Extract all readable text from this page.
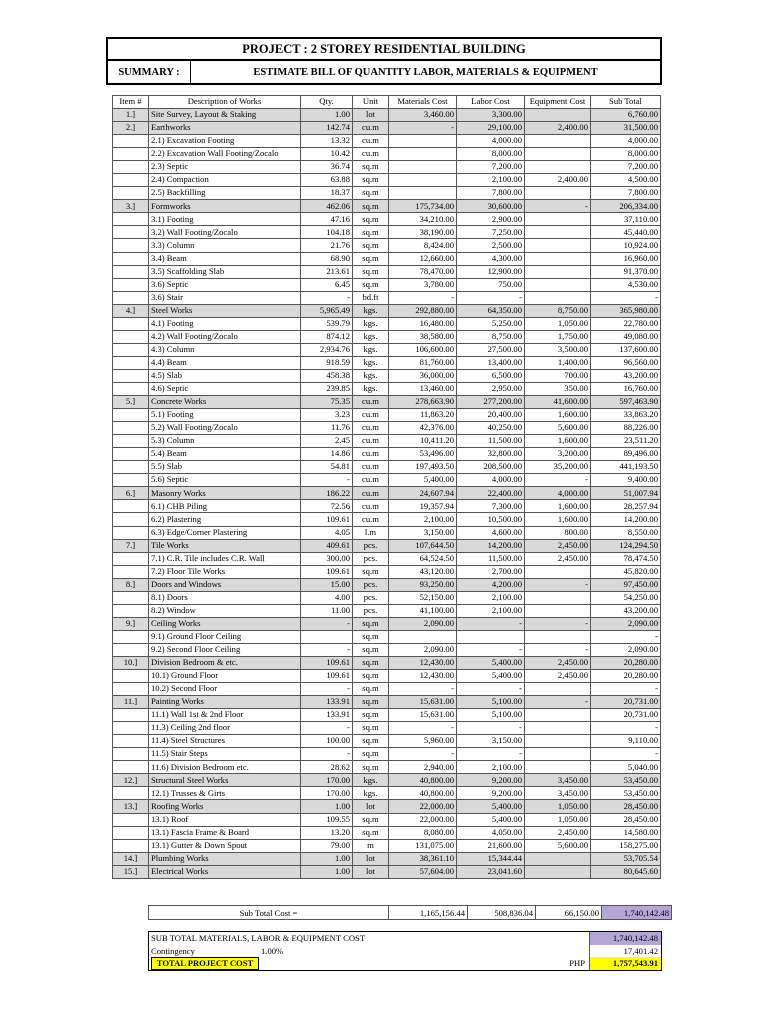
PROJECT : 2 STOREY RESIDENTIAL BUILDING
SUMMARY :	ESTIMATE BILL OF QUANTITY LABOR, MATERIALS & EQUIPMENT
Item #	Description of Works	Qty.	Unit	Materials Cost	Labor Cost	Equipment Cost	Sub Total
1.]	Site Survey, Layout & Staking	1.00	lot	3,460.00	3,300.00		6,760.00
2.]	Earthworks	142.74	cu.m	-	29,100.00	2,400.00	31,500.00
	2.1) Excavation Footing	13.32	cu.m		4,000.00		4,000.00
	2.2) Excavation Wall Footing/Zocalo	10.42	cu.m		8,000.00		8,000.00
	2.3) Septic	36.74	sq.m		7,200.00		7,200.00
	2.4) Compaction	63.88	sq.m		2,100.00	2,400.00	4,500.00
	2.5) Backfilling	18.37	sq.m		7,800.00		7,800.00
3.]	Formworks	462.06	sq.m	175,734.00	30,600.00	-	206,334.00
	3.1) Footing	47.16	sq.m	34,210.00	2,900.00		37,110.00
	3.2) Wall Footing/Zocalo	104.18	sq.m	38,190.00	7,250.00		45,440.00
	3.3) Column	21.76	sq.m	8,424.00	2,500.00		10,924.00
	3.4) Beam	68.90	sq.m	12,660.00	4,300.00		16,960.00
	3.5) Scaffolding Slab	213.61	sq.m	78,470.00	12,900.00		91,370.00
	3.6) Septic	6.45	sq.m	3,780.00	750.00		4,530.00
	3.6) Stair	-	bd.ft	-	-		-
4.]	Steel Works	5,965.49	kgs.	292,880.00	64,350.00	8,750.00	365,980.00
	4.1) Footing	539.79	kgs.	16,480.00	5,250.00	1,050.00	22,780.00
	4.2) Wall Footing/Zocalo	874.12	kgs.	38,580.00	8,750.00	1,750.00	49,080.00
	4.3) Column	2,934.76	kgs.	106,600.00	27,500.00	3,500.00	137,600.00
	4.4) Beam	918.59	kgs.	81,760.00	13,400.00	1,400.00	96,560.00
	4.5) Slab	458.38	kgs.	36,000.00	6,500.00	700.00	43,200.00
	4.6) Septic	239.85	kgs.	13,460.00	2,950.00	350.00	16,760.00
5.]	Concrete Works	75.35	cu.m	278,663.90	277,200.00	41,600.00	597,463.90
	5.1) Footing	3.23	cu.m	11,863.20	20,400.00	1,600.00	33,863.20
	5.2) Wall Footing/Zocalo	11.76	cu.m	42,376.00	40,250.00	5,600.00	88,226.00
	5.3) Column	2.45	cu.m	10,411.20	11,500.00	1,600.00	23,511.20
	5.4) Beam	14.86	cu.m	53,496.00	32,800.00	3,200.00	89,496.00
	5.5) Slab	54.81	cu.m	197,493.50	208,500.00	35,200.00	441,193.50
	5.6) Septic	-	cu.m	5,400.00	4,000.00	-	9,400.00
6.]	Masonry Works	186.22	cu.m	24,607.94	22,400.00	4,000.00	51,007.94
	6.1) CHB Piling	72.56	cu.m	19,357.94	7,300.00	1,600.00	28,257.94
	6.2) Plastering	109.61	cu.m	2,100.00	10,500.00	1,600.00	14,200.00
	6.3) Edge/Corner Plastering	4.05	l.m	3,150.00	4,600.00	800.00	8,550.00
7.]	Tile Works	409.61	pcs.	107,644.50	14,200.00	2,450.00	124,294.50
	7.1) C.R. Tile includes C.R. Wall	300.00	pcs.	64,524.50	11,500.00	2,450.00	78,474.50
	7.2) Floor Tile Works	109.61	sq.m	43,120.00	2,700.00		45,820.00
8.]	Doors and Windows	15.00	pcs.	93,250.00	4,200.00	-	97,450.00
	8.1) Doors	4.00	pcs.	52,150.00	2,100.00		54,250.00
	8.2) Window	11.00	pcs.	41,100.00	2,100.00		43,200.00
9.]	Ceiling Works	-	sq.m	2,090.00	-	-	2,090.00
	9.1) Ground Floor Ceiling		sq.m				-
	9.2) Second Floor Ceiling	-	sq.m	2,090.00	-	-	2,090.00
10.]	Division Bedroom & etc.	109.61	sq.m	12,430.00	5,400.00	2,450.00	20,280.00
	10.1) Ground Floor	109.61	sq.m	12,430.00	5,400.00	2,450.00	20,280.00
	10.2) Second Floor	-	sq.m	-	-		-
11.]	Painting Works	133.91	sq.m	15,631.00	5,100.00	-	20,731.00
	11.1) Wall 1st & 2nd Floor	133.91	sq.m	15,631.00	5,100.00		20,731.00
	11.3) Ceiling 2nd floor	-	sq.m	-	-		-
	11.4) Steel Structures	100.00	sq.m	5,960.00	3,150.00		9,110.00
	11.5) Stair Steps	-	sq.m	-	-		-
	11.6) Division Bedroom etc.	28.62	sq.m	2,940.00	2,100.00		5,040.00
12.]	Structural Steel Works	170.00	kgs.	40,800.00	9,200.00	3,450.00	53,450.00
	12.1) Trusses & Girts	170.00	kgs.	40,800.00	9,200.00	3,450.00	53,450.00
13.]	Roofing Works	1.00	lot	22,000.00	5,400.00	1,050.00	28,450.00
	13.1) Roof	109.55	sq.m	22,000.00	5,400.00	1,050.00	28,450.00
	13.1) Fascia Frame & Board	13.20	sq.m	8,080.00	4,050.00	2,450.00	14,580.00
	13.1) Gutter & Down Spout	79.00	m	131,075.00	21,600.00	5,600.00	158,275.00
14.]	Plumbing Works	1.00	lot	38,361.10	15,344.44		53,705.54
15.]	Electrical Works	1.00	lot	57,604.00	23,041.60		80,645.60
Sub Total Cost =	1,165,156.44	508,836.04	66,150.00	1,740,142.48
SUB TOTAL MATERIALS, LABOR & EQUIPMENT COST	1,740,142.48
Contingency	1.00%	17,401.42
TOTAL PROJECT COST	PHP	1,757,543.91
